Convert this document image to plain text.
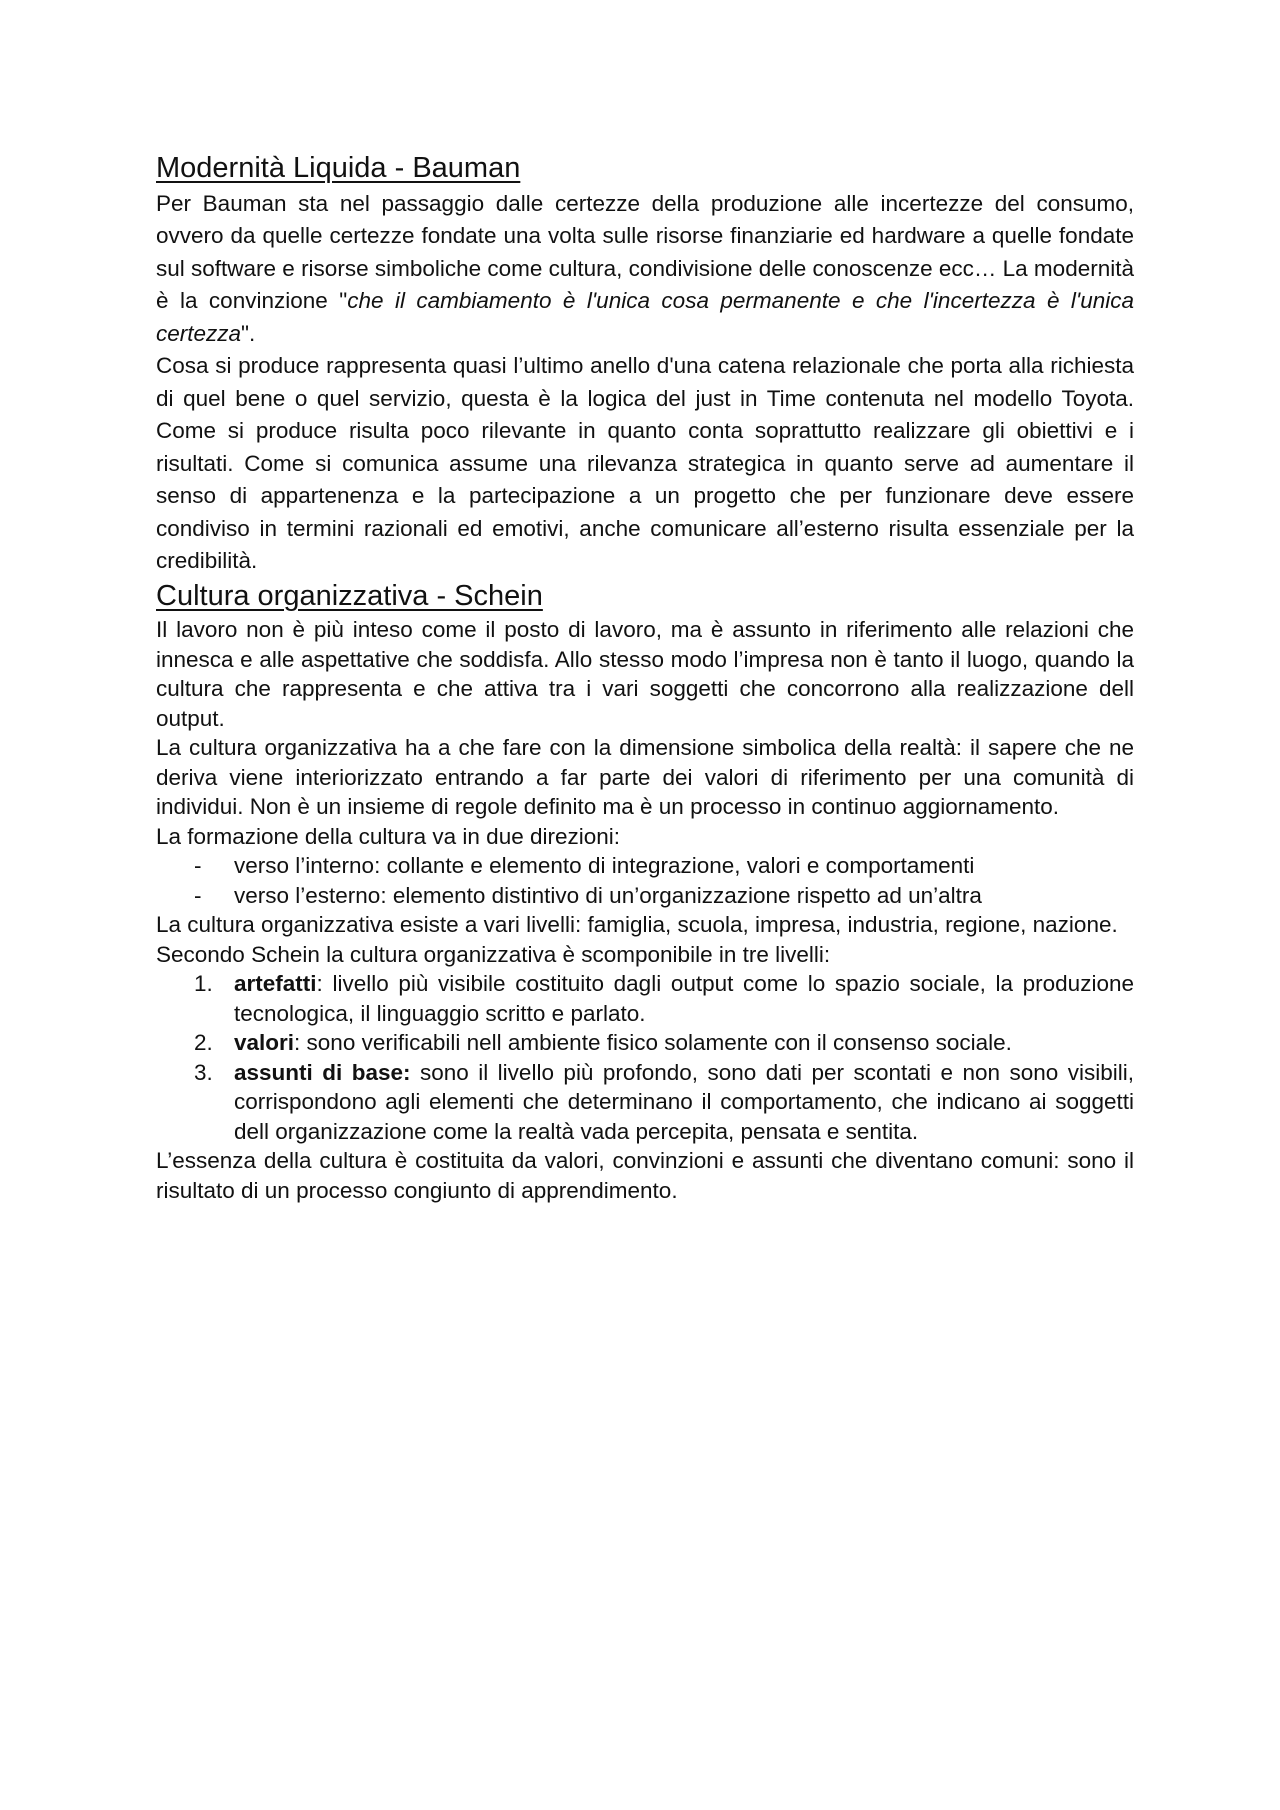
Modernità Liquida - Bauman

Per Bauman sta nel passaggio dalle certezze della produzione alle incertezze del consumo, ovvero da quelle certezze fondate una volta sulle risorse finanziarie ed hardware a quelle fondate sul software e risorse simboliche come cultura, condivisione delle conoscenze ecc… La modernità è la convinzione "che il cambiamento è l'unica cosa permanente e che l'incertezza è l'unica certezza".

Cosa si produce rappresenta quasi l’ultimo anello d'una catena relazionale che porta alla richiesta di quel bene o quel servizio, questa è la logica del just in Time contenuta nel modello Toyota. Come si produce risulta poco rilevante in quanto conta soprattutto realizzare gli obiettivi e i risultati. Come si comunica assume una rilevanza strategica in quanto serve ad aumentare il senso di appartenenza e la partecipazione a un progetto che per funzionare deve essere condiviso in termini razionali ed emotivi, anche comunicare all’esterno risulta essenziale per la credibilità.

Cultura organizzativa - Schein

Il lavoro non è più inteso come il posto di lavoro, ma è assunto in riferimento alle relazioni che innesca e alle aspettative che soddisfa. Allo stesso modo l’impresa non è tanto il luogo, quando la cultura che rappresenta e che attiva tra i vari soggetti che concorrono alla realizzazione dell output.

La cultura organizzativa ha a che fare con la dimensione simbolica della realtà: il sapere che ne deriva viene interiorizzato entrando a far parte dei valori di riferimento per una comunità di individui. Non è un insieme di regole definito ma è un processo in continuo aggiornamento.

La formazione della cultura va in due direzioni:

- verso l’interno: collante e elemento di integrazione, valori e comportamenti
- verso l’esterno: elemento distintivo di un’organizzazione rispetto ad un’altra

La cultura organizzativa esiste a vari livelli: famiglia, scuola, impresa, industria, regione, nazione.

Secondo Schein la cultura organizzativa è scomponibile in tre livelli:

1. artefatti: livello più visibile costituito dagli output come lo spazio sociale, la produzione tecnologica, il linguaggio scritto e parlato.
2. valori: sono verificabili nell ambiente fisico solamente con il consenso sociale.
3. assunti di base: sono il livello più profondo, sono dati per scontati e non sono visibili, corrispondono agli elementi che determinano il comportamento, che indicano ai soggetti dell organizzazione come la realtà vada percepita, pensata e sentita.

L’essenza della cultura è costituita da valori, convinzioni e assunti che diventano comuni: sono il risultato di un processo congiunto di apprendimento.
